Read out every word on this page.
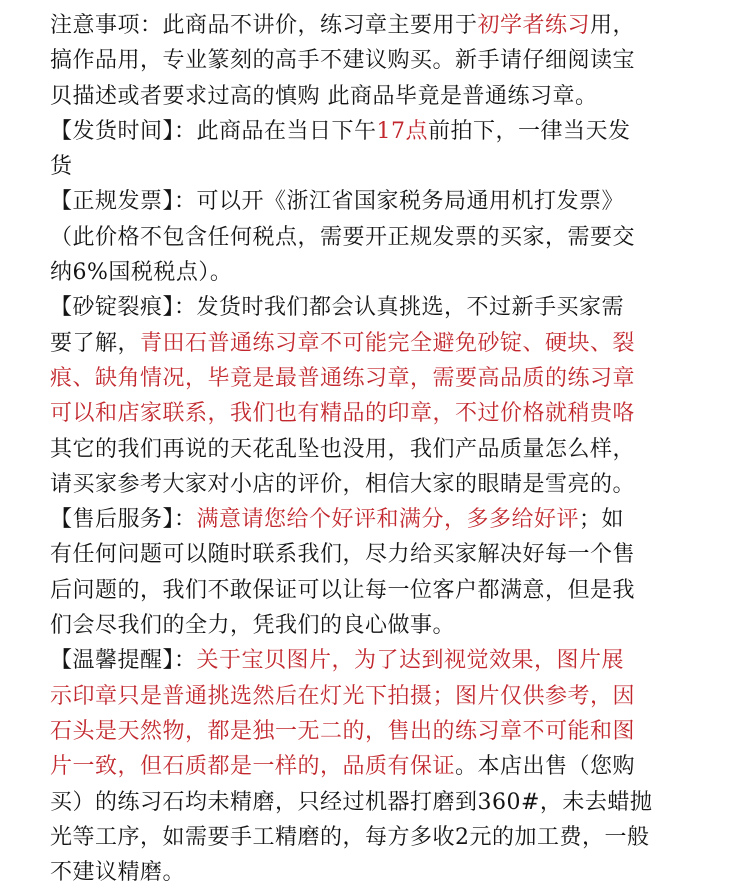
注意事项：此商品不讲价，练习章主要用于初学者练习用，
搞作品用，专业篆刻的高手不建议购买。新手请仔细阅读宝
贝描述或者要求过高的慎购 此商品毕竟是普通练习章。
【发货时间】：此商品在当日下午17点前拍下，一律当天发
货
【正规发票】：可以开《浙江省国家税务局通用机打发票》
（此价格不包含任何税点，需要开正规发票的买家，需要交
纳6%国税税点）。
【砂锭裂痕】：发货时我们都会认真挑选，不过新手买家需
要了解，青田石普通练习章不可能完全避免砂锭、硬块、裂
痕、缺角情况，毕竟是最普通练习章，需要高品质的练习章
可以和店家联系，我们也有精品的印章，不过价格就稍贵咯
其它的我们再说的天花乱坠也没用，我们产品质量怎么样，
请买家参考大家对小店的评价，相信大家的眼睛是雪亮的。
【售后服务】：满意请您给个好评和满分，多多给好评；如
有任何问题可以随时联系我们，尽力给买家解决好每一个售
后问题的，我们不敢保证可以让每一位客户都满意，但是我
们会尽我们的全力，凭我们的良心做事。
【温馨提醒】：关于宝贝图片，为了达到视觉效果，图片展
示印章只是普通挑选然后在灯光下拍摄；图片仅供参考，因
石头是天然物，都是独一无二的，售出的练习章不可能和图
片一致，但石质都是一样的，品质有保证。本店出售（您购
买）的练习石均未精磨，只经过机器打磨到360#，未去蜡抛
光等工序，如需要手工精磨的，每方多收2元的加工费，一般
不建议精磨。
